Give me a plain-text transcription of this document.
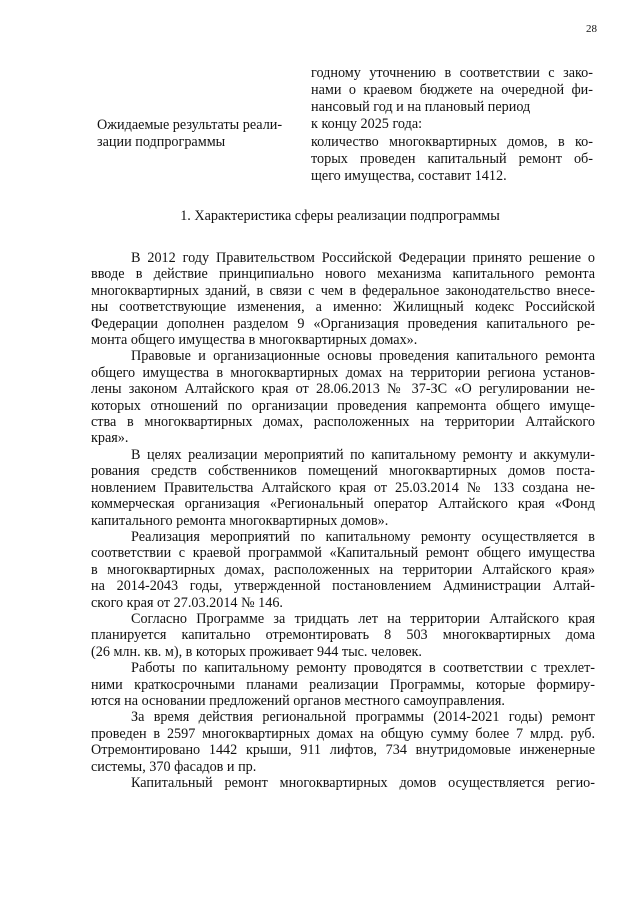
28
Ожидаемые результаты реали-
зации подпрограммы
годному уточнению в соответствии с зако-
нами о краевом бюджете на очередной фи-
нансовый год и на плановый период
к концу 2025 года:
количество многоквартирных домов, в ко-
торых проведен капитальный ремонт об-
щего имущества, составит 1412.
1. Характеристика сферы реализации подпрограммы
В 2012 году Правительством Российской Федерации принято решение о
вводе в действие принципиально нового механизма капитального ремонта
многоквартирных зданий, в связи с чем в федеральное законодательство внесе-
ны соответствующие изменения, а именно: Жилищный кодекс Российской
Федерации дополнен разделом 9 «Организация проведения капитального ре-
монта общего имущества в многоквартирных домах».
Правовые и организационные основы проведения капитального ремонта
общего имущества в многоквартирных домах на территории региона установ-
лены законом Алтайского края от 28.06.2013 № 37-ЗС «О регулировании не-
которых отношений по организации проведения капремонта общего имуще-
ства в многоквартирных домах, расположенных на территории Алтайского
края».
В целях реализации мероприятий по капитальному ремонту и аккумули-
рования средств собственников помещений многоквартирных домов поста-
новлением Правительства Алтайского края от 25.03.2014 № 133 создана не-
коммерческая организация «Региональный оператор Алтайского края «Фонд
капитального ремонта многоквартирных домов».
Реализация мероприятий по капитальному ремонту осуществляется в
соответствии с краевой программой «Капитальный ремонт общего имущества
в многоквартирных домах, расположенных на территории Алтайского края»
на 2014-2043 годы, утвержденной постановлением Администрации Алтай-
ского края от 27.03.2014 № 146.
Согласно Программе за тридцать лет на территории Алтайского края
планируется капитально отремонтировать 8 503 многоквартирных дома
(26 млн. кв. м), в которых проживает 944 тыс. человек.
Работы по капитальному ремонту проводятся в соответствии с трехлет-
ними краткосрочными планами реализации Программы, которые формиру-
ются на основании предложений органов местного самоуправления.
За время действия региональной программы (2014-2021 годы) ремонт
проведен в 2597 многоквартирных домах на общую сумму более 7 млрд. руб.
Отремонтировано 1442 крыши, 911 лифтов, 734 внутридомовые инженерные
системы, 370 фасадов и пр.
Капитальный ремонт многоквартирных домов осуществляется регио-
